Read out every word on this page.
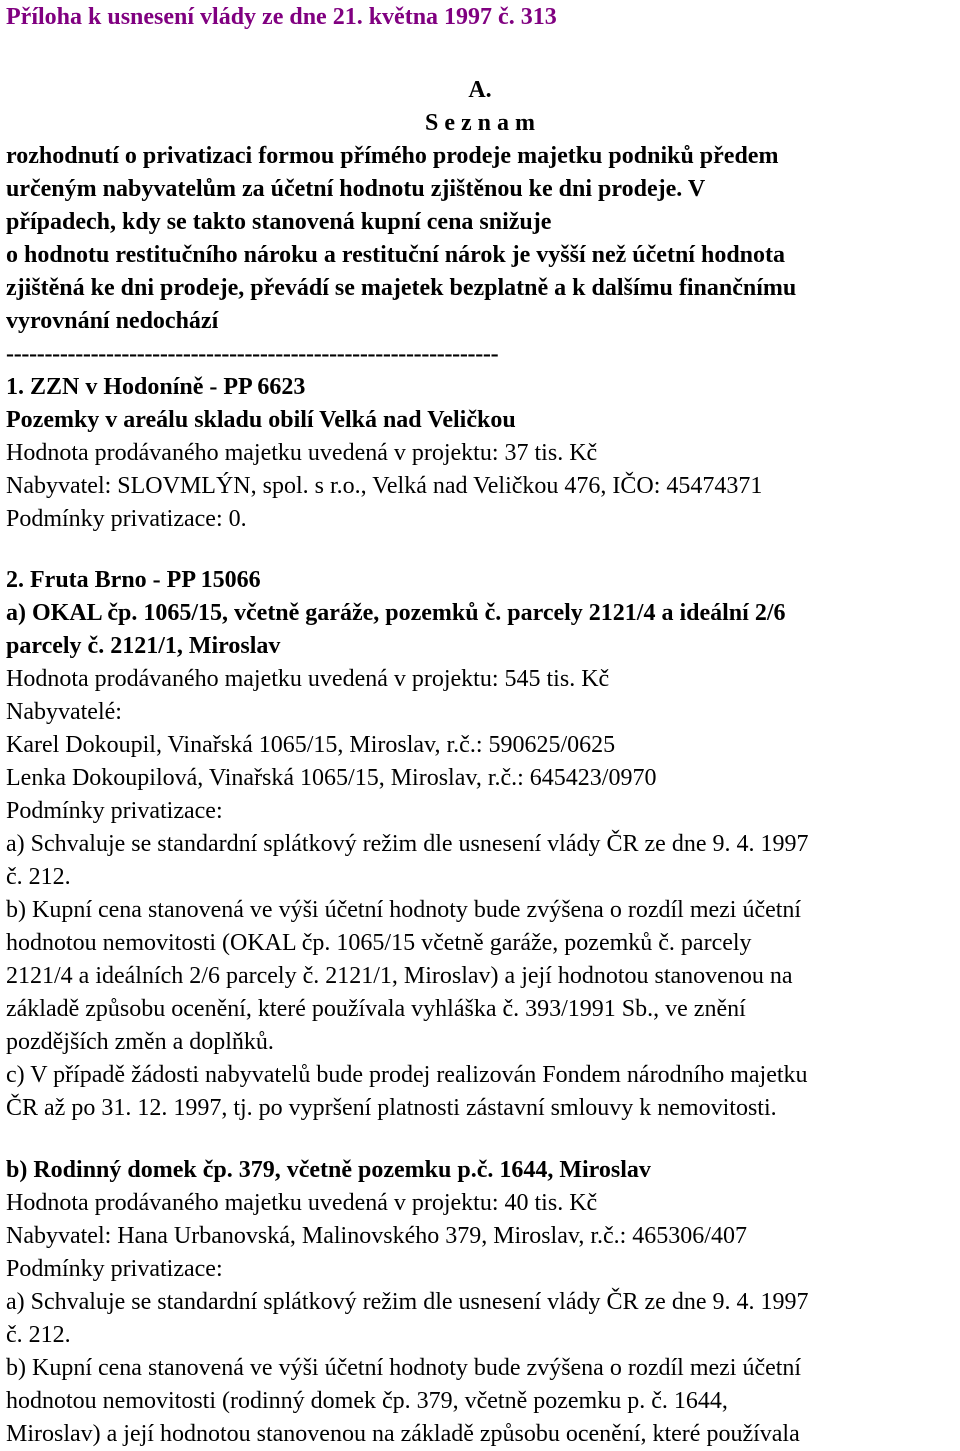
Příloha k usnesení vlády ze dne 21. května 1997 č. 313
A.
S e z n a m
rozhodnutí o privatizaci formou přímého prodeje majetku podniků předem
určeným nabyvatelům za účetní hodnotu zjištěnou ke dni prodeje. V
případech, kdy se takto stanovená kupní cena snižuje
o hodnotu restitučního nároku a restituční nárok je vyšší než účetní hodnota
zjištěná ke dni prodeje, převádí se majetek bezplatně a k dalšímu finančnímu
vyrovnání nedochází
----------------------------------------------------------------
1. ZZN v Hodoníně - PP 6623
Pozemky v areálu skladu obilí Velká nad Veličkou
Hodnota prodávaného majetku uvedená v projektu: 37 tis. Kč
Nabyvatel: SLOVMLÝN, spol. s r.o., Velká nad Veličkou 476, IČO: 45474371
Podmínky privatizace: 0.
2. Fruta Brno - PP 15066
a) OKAL čp. 1065/15, včetně garáže, pozemků č. parcely 2121/4 a ideální 2/6
parcely č. 2121/1, Miroslav
Hodnota prodávaného majetku uvedená v projektu: 545 tis. Kč
Nabyvatelé:
Karel Dokoupil, Vinařská 1065/15, Miroslav, r.č.: 590625/0625
Lenka Dokoupilová, Vinařská 1065/15, Miroslav, r.č.: 645423/0970
Podmínky privatizace:
a) Schvaluje se standardní splátkový režim dle usnesení vlády ČR ze dne 9. 4. 1997
č. 212.
b) Kupní cena stanovená ve výši účetní hodnoty bude zvýšena o rozdíl mezi účetní
hodnotou nemovitosti (OKAL čp. 1065/15 včetně garáže, pozemků č. parcely
2121/4 a ideálních 2/6 parcely č. 2121/1, Miroslav) a její hodnotou stanovenou na
základě způsobu ocenění, které používala vyhláška č. 393/1991 Sb., ve znění
pozdějších změn a doplňků.
c) V případě žádosti nabyvatelů bude prodej realizován Fondem národního majetku
ČR až po 31. 12. 1997, tj. po vypršení platnosti zástavní smlouvy k nemovitosti.
b) Rodinný domek čp. 379, včetně pozemku p.č. 1644, Miroslav
Hodnota prodávaného majetku uvedená v projektu: 40 tis. Kč
Nabyvatel: Hana Urbanovská, Malinovského 379, Miroslav, r.č.: 465306/407
Podmínky privatizace:
a) Schvaluje se standardní splátkový režim dle usnesení vlády ČR ze dne 9. 4. 1997
č. 212.
b) Kupní cena stanovená ve výši účetní hodnoty bude zvýšena o rozdíl mezi účetní
hodnotou nemovitosti (rodinný domek čp. 379, včetně pozemku p. č. 1644,
Miroslav) a její hodnotou stanovenou na základě způsobu ocenění, které používala
